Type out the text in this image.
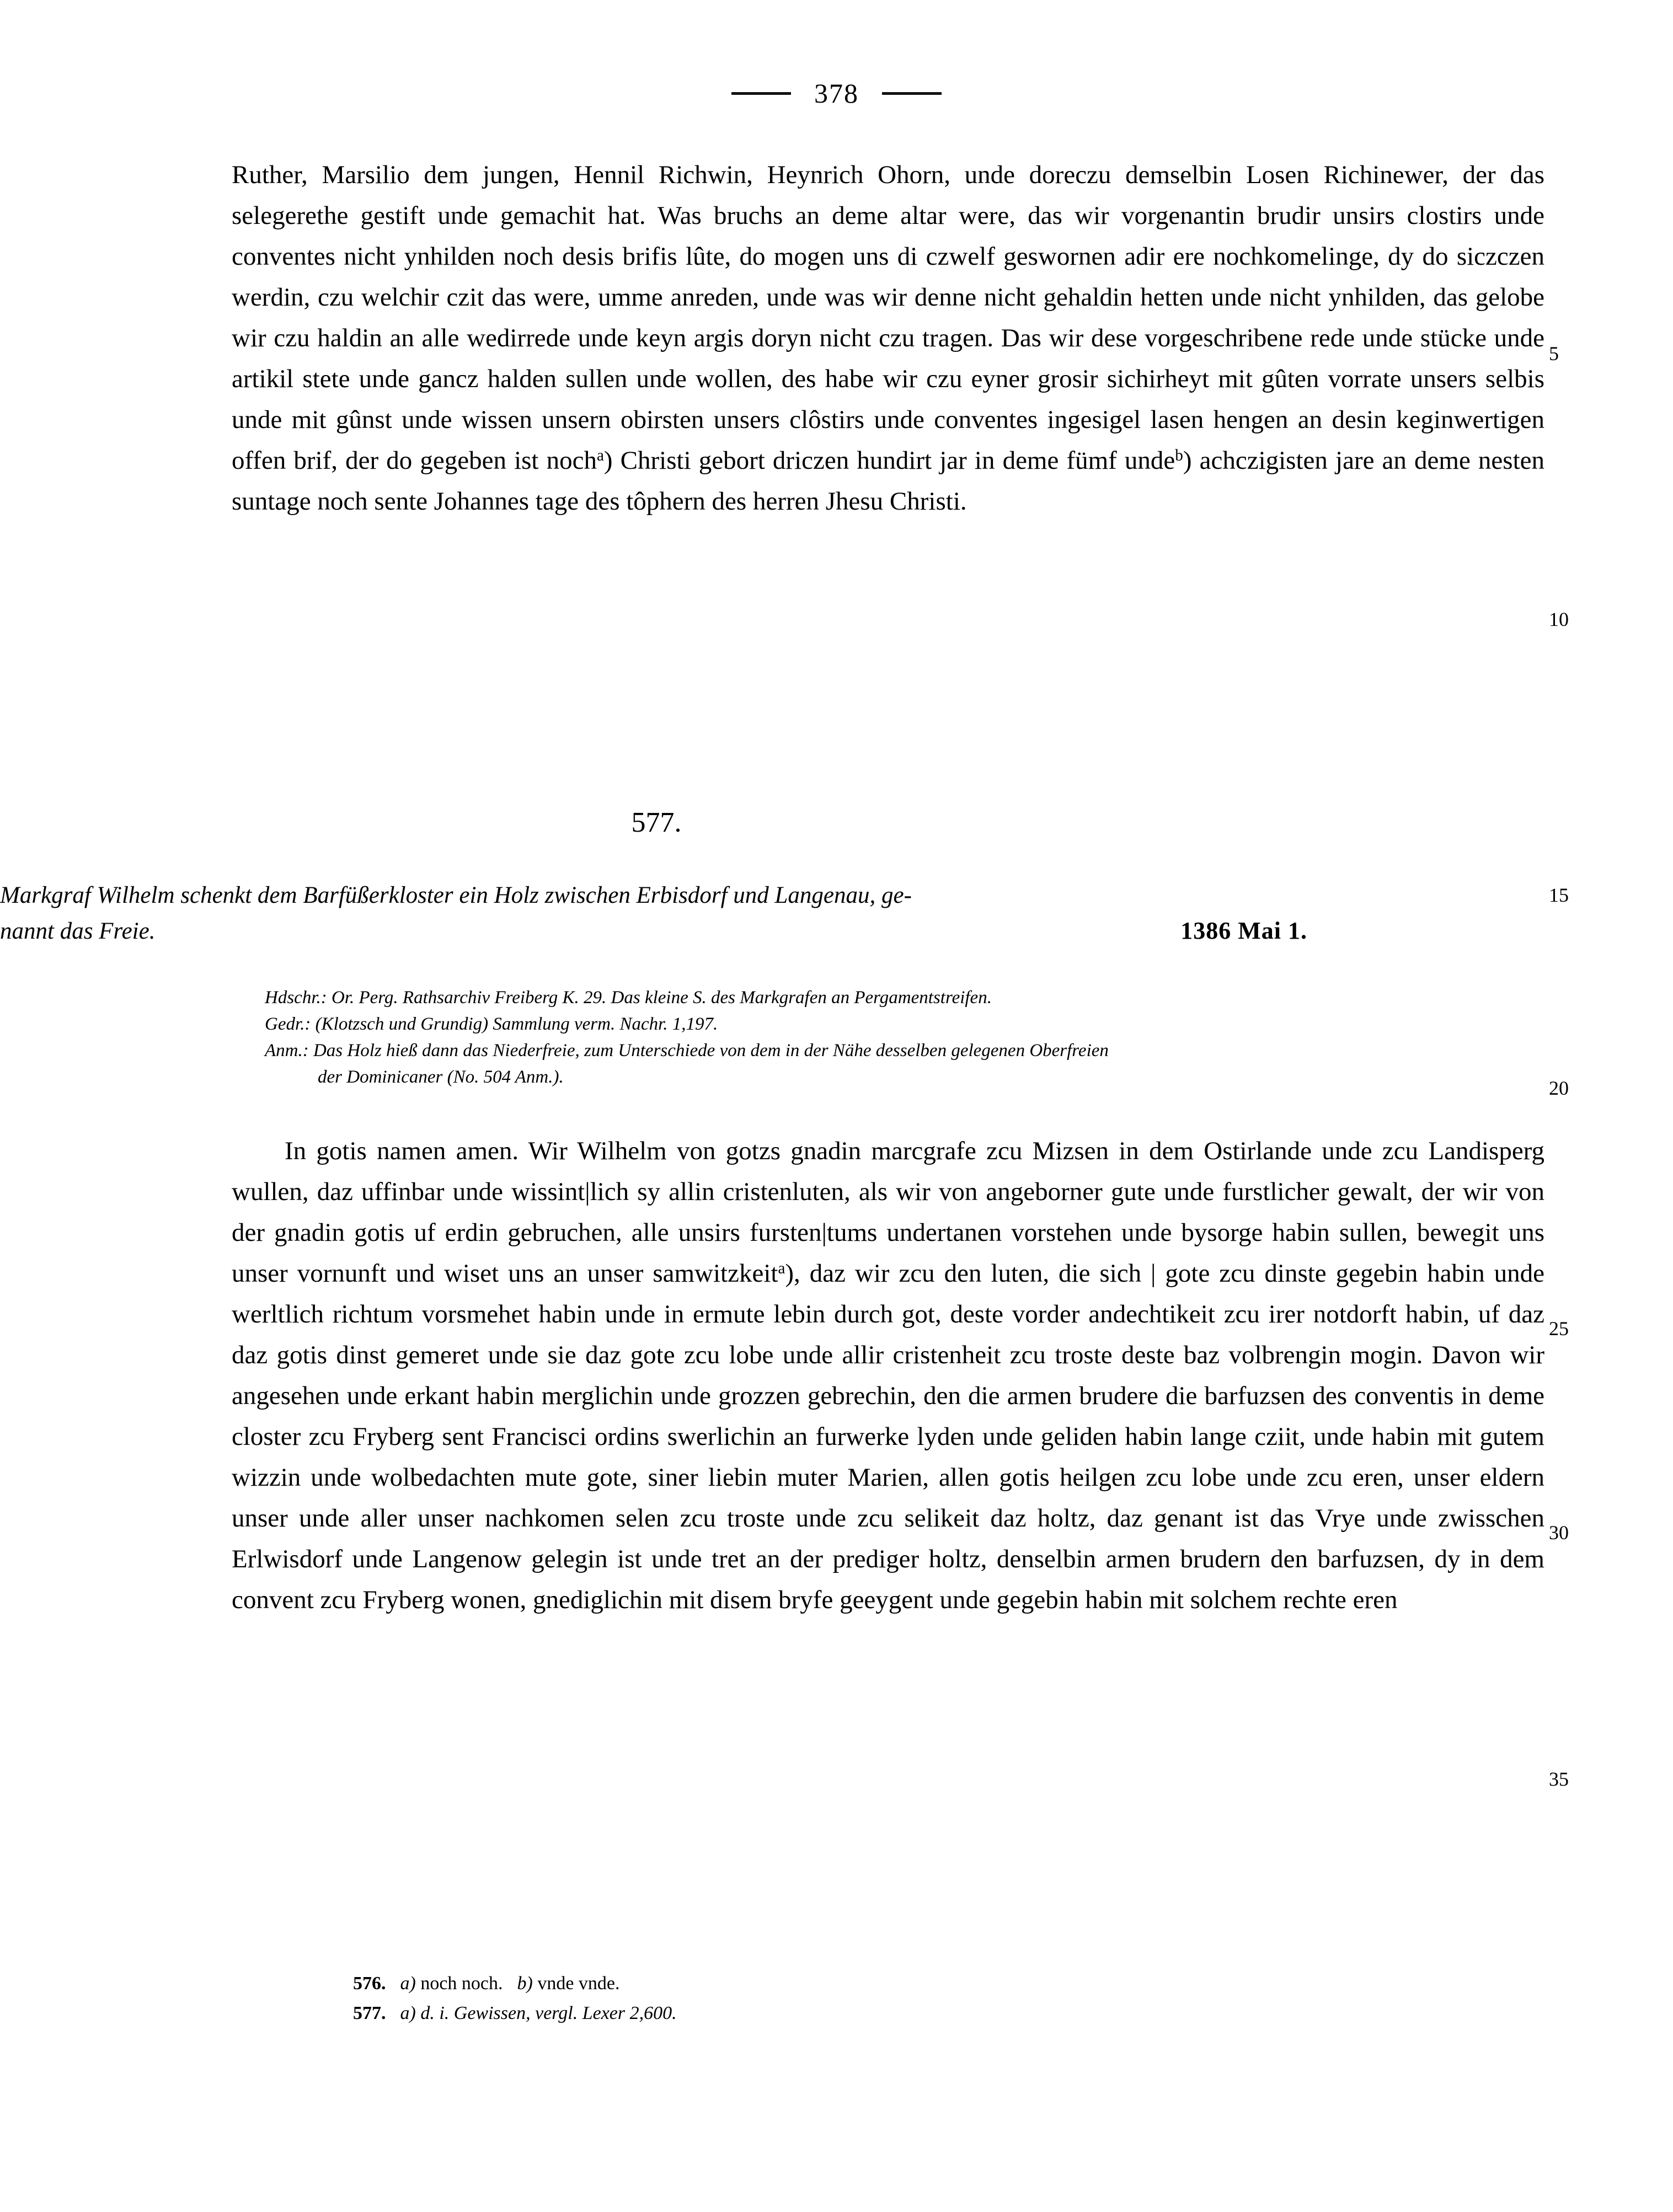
378

Ruther, Marsilio dem jungen, Hennil Richwin, Heynrich Ohorn, unde doreczu demselbin Losen Richinewer, der das selegerethe gestift unde gemachit hat. Was bruchs an deme altar were, das wir vorgenantin brudir unsirs clostirs unde conventes nicht ynhilden noch desis brifis lûte, do mogen uns di czwelf geswornen adir ere nochkomelinge, dy do siczczen werdin, czu welchir czit das were, umme anreden, unde was wir denne nicht gehaldin hetten unde nicht ynhilden, das gelobe wir czu haldin an alle wedirrede unde keyn argis doryn nicht czu tragen. Das wir dese vorgeschribene rede unde stücke unde artikil stete unde gancz halden sullen unde wollen, des habe wir czu eyner grosir sichirheyt mit gûten vorrate unsers selbis unde mit gûnst unde wissen unsern obirsten unsers clôstirs unde conventes ingesigel lasen hengen an desin keginwertigen offen brif, der do gegeben ist noch$^a$) Christi gebort driczen hundirt jar in deme fümf unde$^b$) achczigisten jare an deme nesten suntage noch sente Johannes tage des tôphern des herren Jhesu Christi.

577.
Markgraf Wilhelm schenkt dem Barfüßerkloster ein Holz zwischen Erbisdorf und Langenau, ge-
nannt das Freie.	1386 Mai 1.
Hdschr.: Or. Perg. Rathsarchiv Freiberg K. 29. Das kleine S. des Markgrafen an Pergamentstreifen.
Gedr.: (Klotzsch und Grundig) Sammlung verm. Nachr. 1,197.
Anm.: Das Holz hieß dann das Niederfreie, zum Unterschiede von dem in der Nähe desselben gelegenen Oberfreien
der Dominicaner (No. 504 Anm.).

In gotis namen amen. Wir Wilhelm von gotzs gnadin marcgrafe zcu Mizsen in dem Ostirlande unde zcu Landisperg wullen, daz uffinbar unde wissint|lich sy allin cristenluten, als wir von angeborner gute unde furstlicher gewalt, der wir von der gnadin gotis uf erdin gebruchen, alle unsirs fursten|tums undertanen vorstehen unde bysorge habin sullen, bewegit uns unser vornunft und wiset uns an unser samwitzkeit$^a$), daz wir zcu den luten, die sich | gote zcu dinste gegebin habin unde werltlich richtum vorsmehet habin unde in ermute lebin durch got, deste vorder andechtikeit zcu irer notdorft habin, uf daz daz gotis dinst gemeret unde sie daz gote zcu lobe unde allir cristenheit zcu troste deste baz volbrengin mogin. Davon wir angesehen unde erkant habin merglichin unde grozzen gebrechin, den die armen brudere die barfuzsen des conventis in deme closter zcu Fryberg sent Francisci ordins swerlichin an furwerke lyden unde geliden habin lange cziit, unde habin mit gutem wizzin unde wolbedachten mute gote, siner liebin muter Marien, allen gotis heilgen zcu lobe unde zcu eren, unser eldern unser unde aller unser nachkomen selen zcu troste unde zcu selikeit daz holtz, daz genant ist das Vrye unde zwisschen Erlwisdorf unde Langenow gelegin ist unde tret an der prediger holtz, denselbin armen brudern den barfuzsen, dy in dem convent zcu Fryberg wonen, gnediglichin mit disem bryfe geeygent unde gegebin habin mit solchem rechte eren

5
10
15
20
25
30
35
576. a) noch noch. b) vnde vnde.
577. a) d. i. Gewissen, vergl. Lexer 2,600.
